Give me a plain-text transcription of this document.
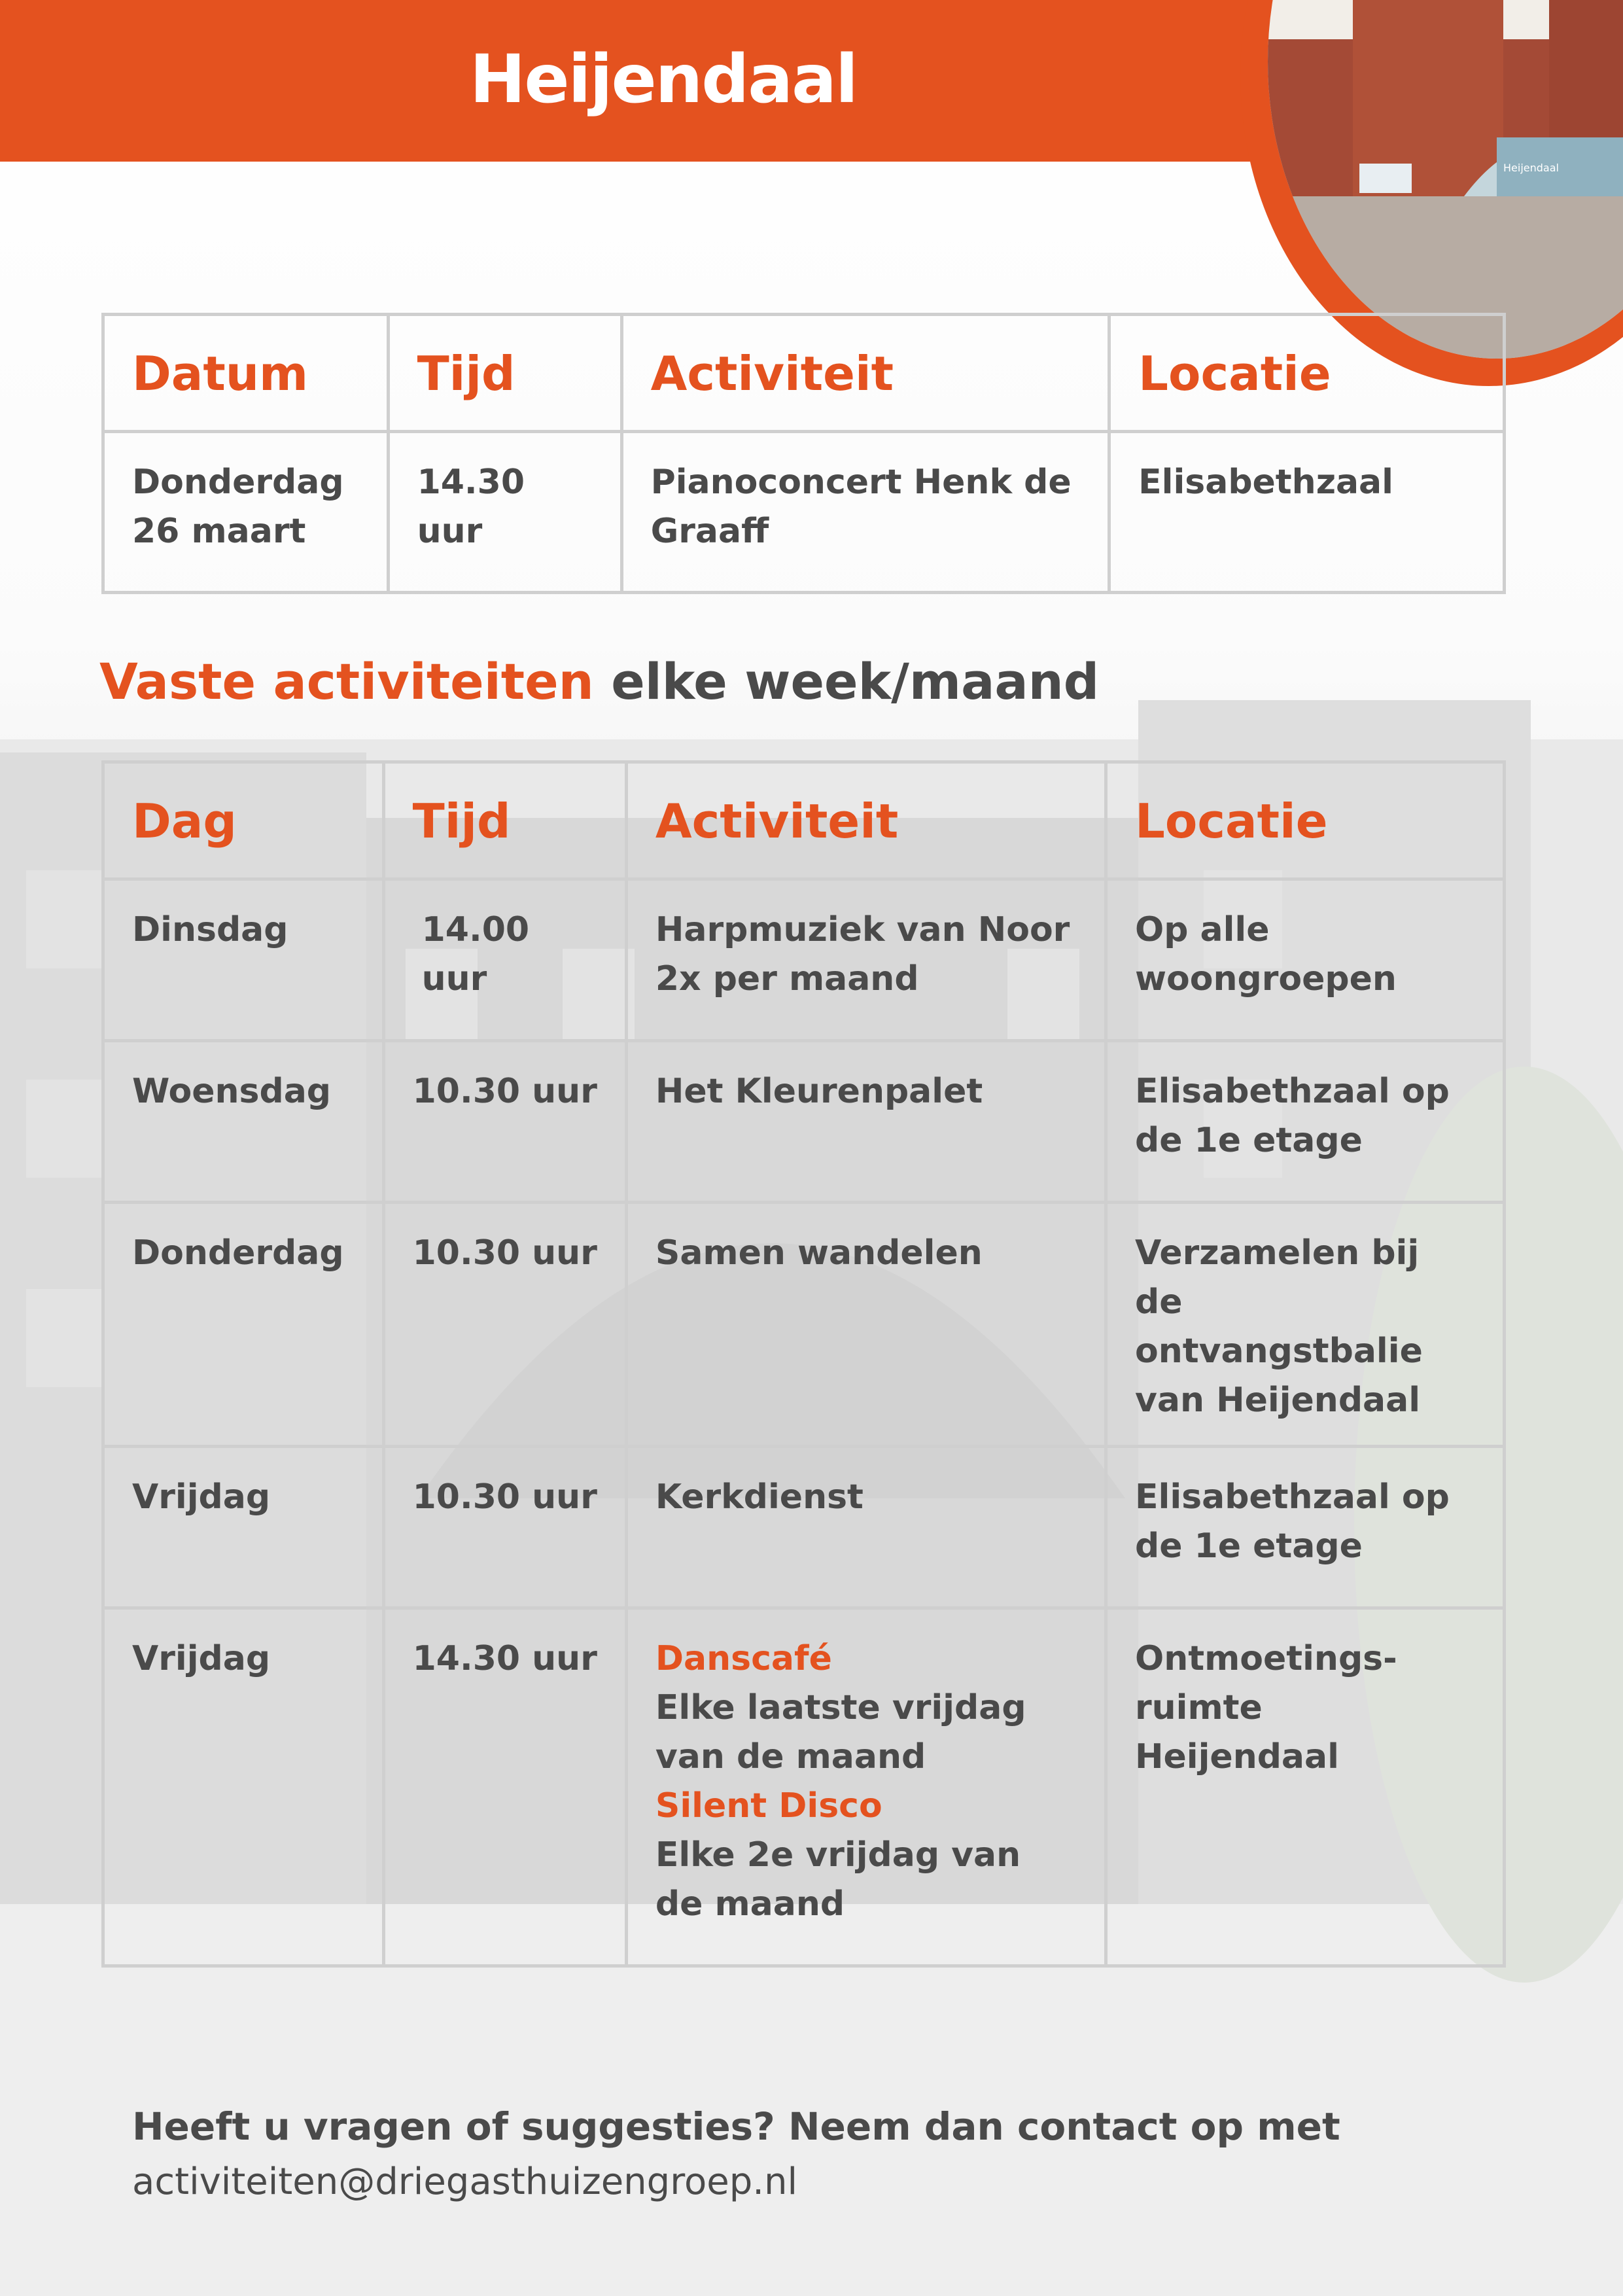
Heijendaal
Heijendaal
Datum	Tijd	Activiteit	Locatie

Donderdag 26 maart	14.30 uur	Pianoconcert Henk de Graaff	Elisabethzaal
Vaste activiteiten elke week/maand
Dag	Tijd	Activiteit	Locatie
Dinsdag	14.00 uur	Harpmuziek van Noor 2x per maand	Op alle woongroepen

Woensdag	10.30 uur	Het Kleurenpalet	Elisabethzaal op de 1e etage
Donderdag	10.30 uur	Samen wandelen	Verzamelen bij de ontvangstbalie van Heijendaal
Vrijdag	10.30 uur	Kerkdienst	Elisabethzaal op de 1e etage
Vrijdag	14.30 uur	Danscafé
Elke laatste vrijdag van de maand
Silent Disco
Elke 2e vrijdag van de maand	Ontmoetings-ruimte Heijendaal
Heeft u vragen of suggesties? Neem dan contact op met
activiteiten@driegasthuizengroep.nl
